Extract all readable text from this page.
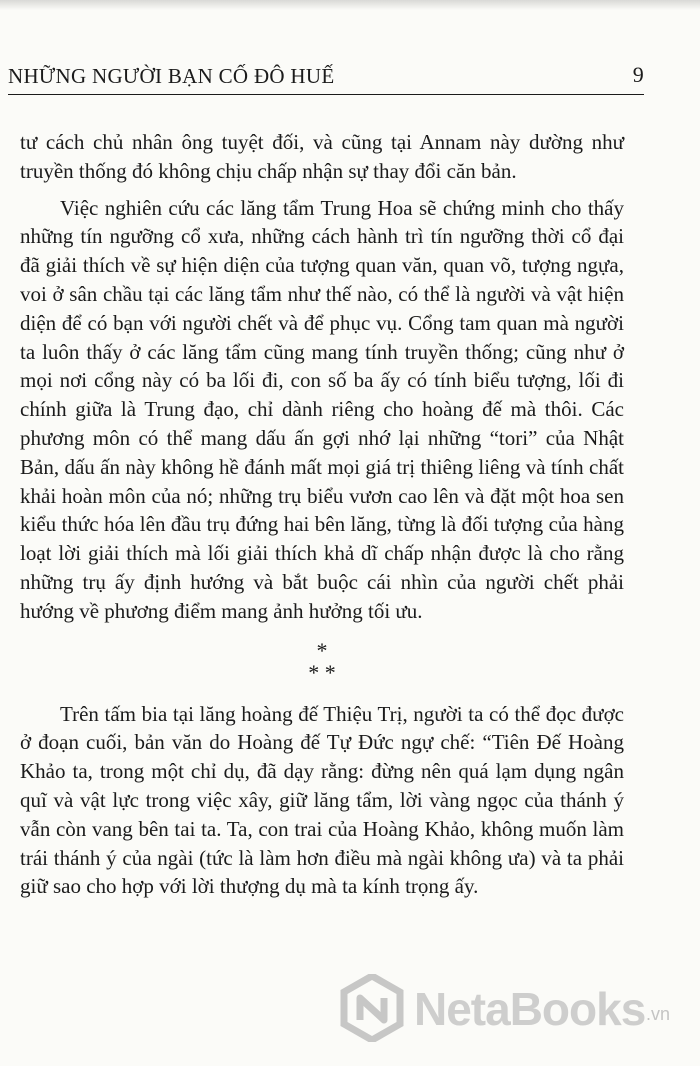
NHỮNG NGƯỜI BẠN CỐ ĐÔ HUẾ	9

tư cách chủ nhân ông tuyệt đối, và cũng tại Annam này dường như truyền thống đó không chịu chấp nhận sự thay đổi căn bản.

Việc nghiên cứu các lăng tẩm Trung Hoa sẽ chứng minh cho thấy những tín ngưỡng cổ xưa, những cách hành trì tín ngưỡng thời cổ đại đã giải thích về sự hiện diện của tượng quan văn, quan võ, tượng ngựa, voi ở sân chầu tại các lăng tẩm như thế nào, có thể là người và vật hiện diện để có bạn với người chết và để phục vụ. Cổng tam quan mà người ta luôn thấy ở các lăng tẩm cũng mang tính truyền thống; cũng như ở mọi nơi cổng này có ba lối đi, con số ba ấy có tính biểu tượng, lối đi chính giữa là Trung đạo, chỉ dành riêng cho hoàng đế mà thôi. Các phương môn có thể mang dấu ấn gợi nhớ lại những “tori” của Nhật Bản, dấu ấn này không hề đánh mất mọi giá trị thiêng liêng và tính chất khải hoàn môn của nó; những trụ biểu vươn cao lên và đặt một hoa sen kiểu thức hóa lên đầu trụ đứng hai bên lăng, từng là đối tượng của hàng loạt lời giải thích mà lối giải thích khả dĩ chấp nhận được là cho rằng những trụ ấy định hướng và bắt buộc cái nhìn của người chết phải hướng về phương điểm mang ảnh hưởng tối ưu.

*
* *

Trên tấm bia tại lăng hoàng đế Thiệu Trị, người ta có thể đọc được ở đoạn cuối, bản văn do Hoàng đế Tự Đức ngự chế: “Tiên Đế Hoàng Khảo ta, trong một chỉ dụ, đã dạy rằng: đừng nên quá lạm dụng ngân quĩ và vật lực trong việc xây, giữ lăng tẩm, lời vàng ngọc của thánh ý vẫn còn vang bên tai ta. Ta, con trai của Hoàng Khảo, không muốn làm trái thánh ý của ngài (tức là làm hơn điều mà ngài không ưa) và ta phải giữ sao cho hợp với lời thượng dụ mà ta kính trọng ấy.

NetaBooks .vn
